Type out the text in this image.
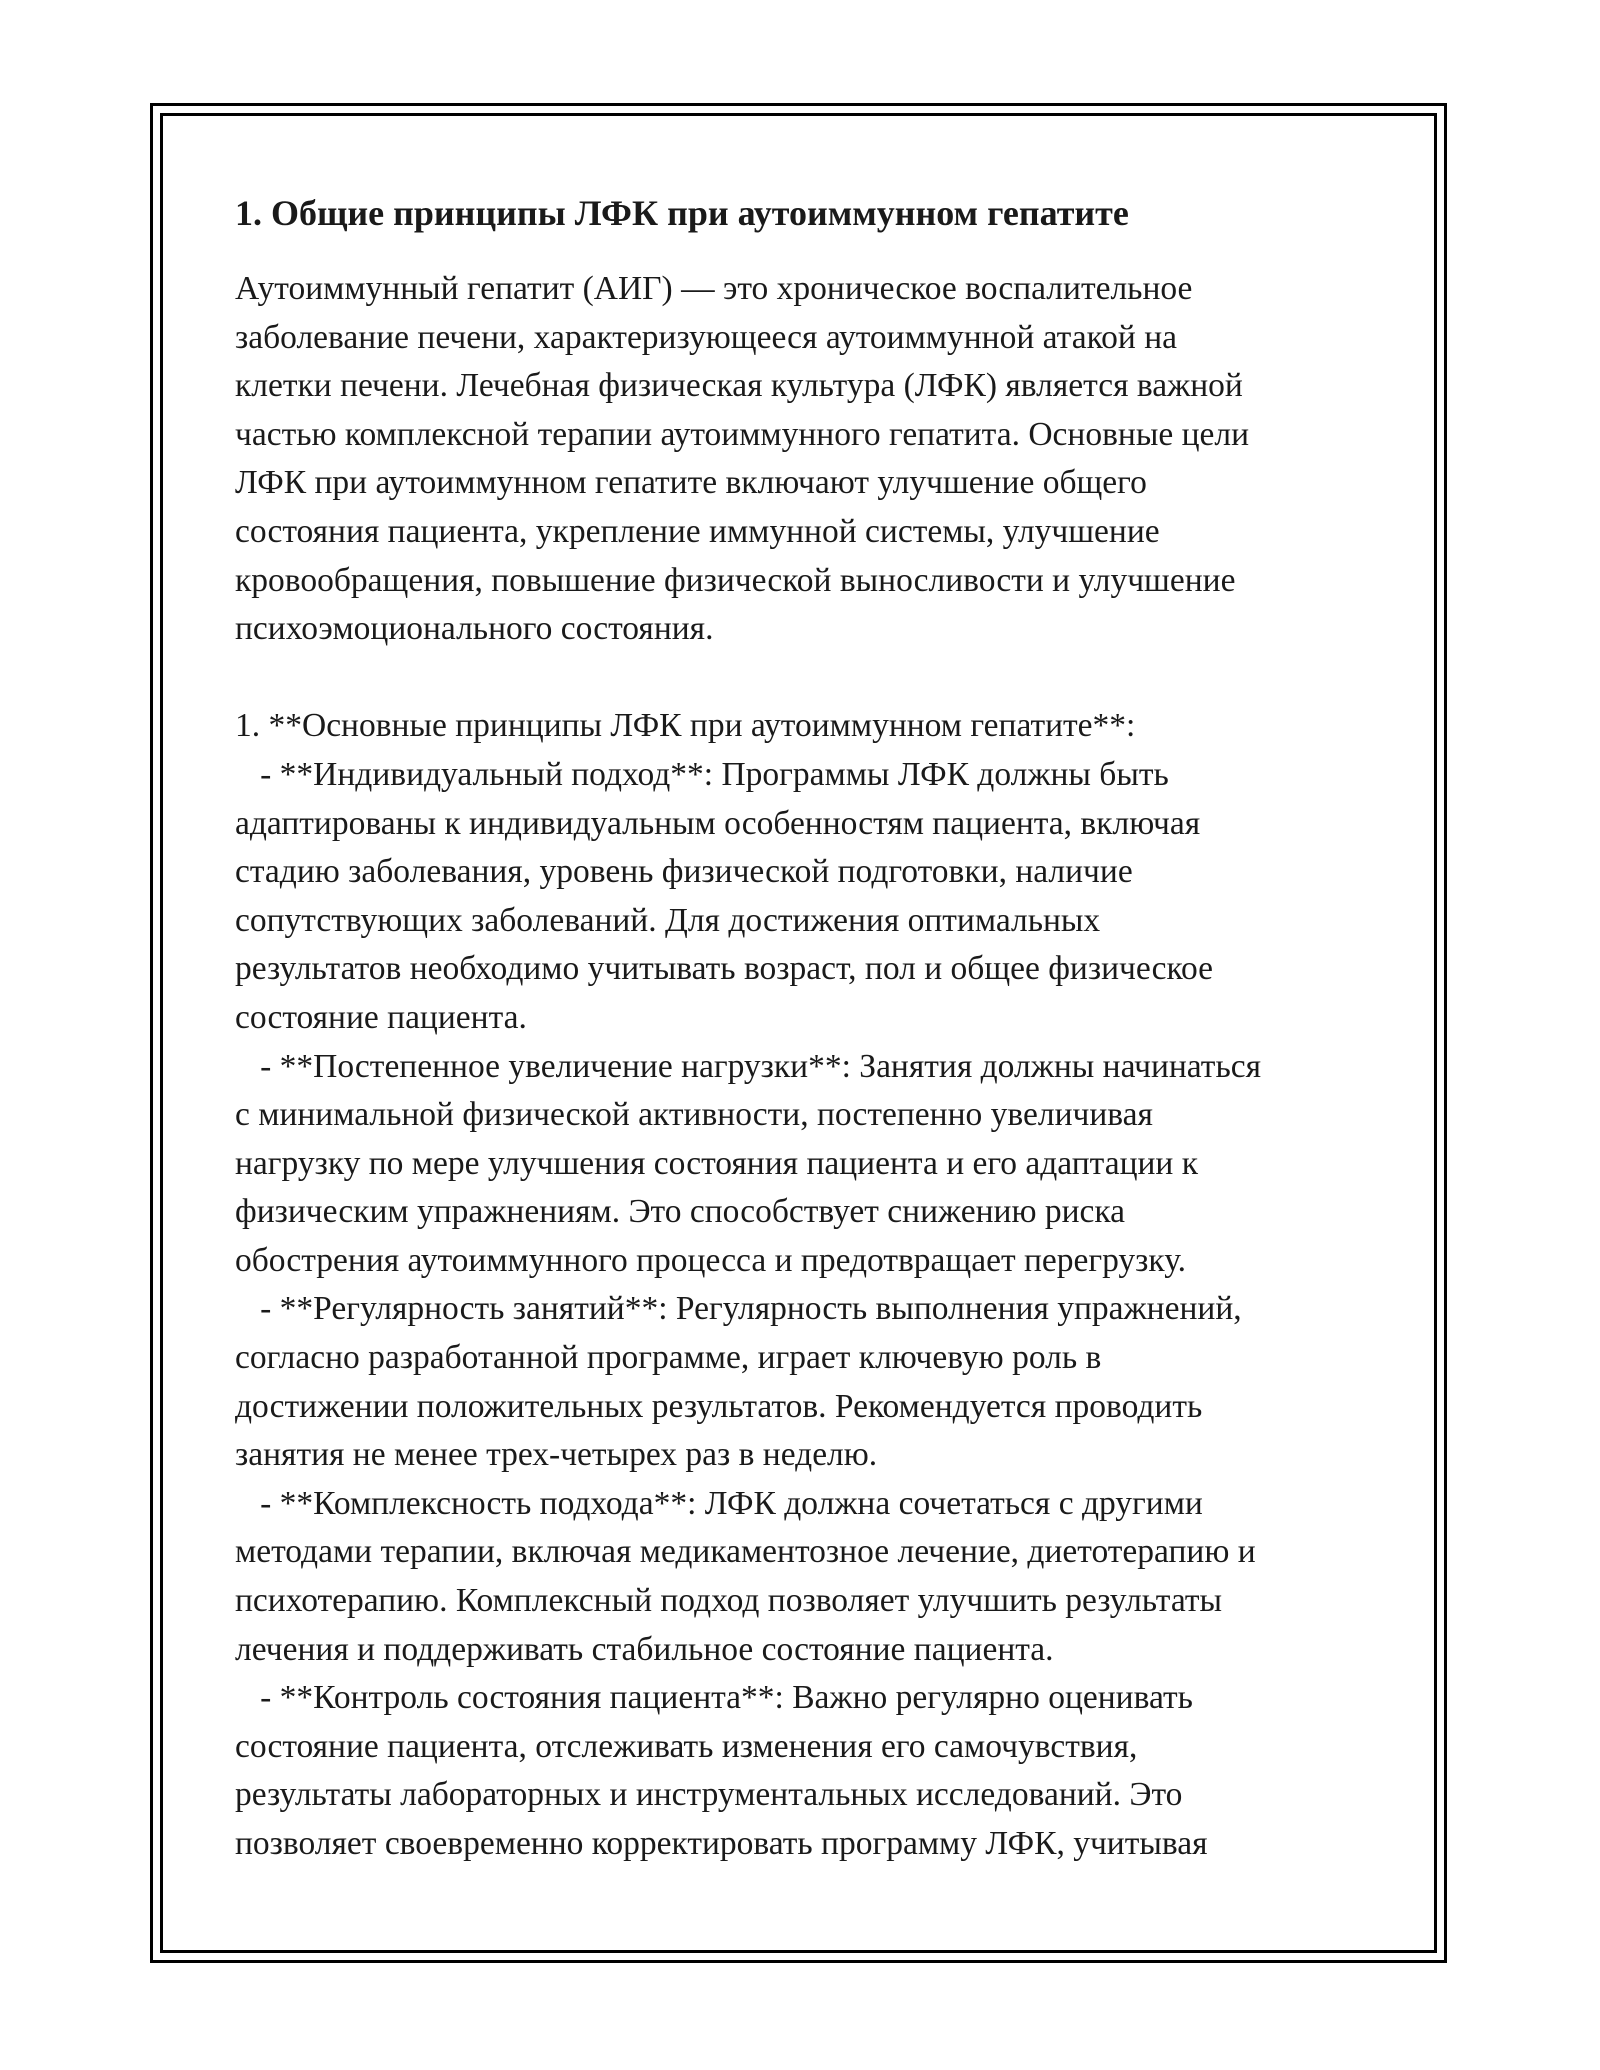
1. Общие принципы ЛФК при аутоиммунном гепатите
Аутоиммунный гепатит (АИГ) — это хроническое воспалительное
заболевание печени, характеризующееся аутоиммунной атакой на
клетки печени. Лечебная физическая культура (ЛФК) является важной
частью комплексной терапии аутоиммунного гепатита. Основные цели
ЛФК при аутоиммунном гепатите включают улучшение общего
состояния пациента, укрепление иммунной системы, улучшение
кровообращения, повышение физической выносливости и улучшение
психоэмоционального состояния.
1. **Основные принципы ЛФК при аутоиммунном гепатите**:
- **Индивидуальный подход**: Программы ЛФК должны быть
адаптированы к индивидуальным особенностям пациента, включая
стадию заболевания, уровень физической подготовки, наличие
сопутствующих заболеваний. Для достижения оптимальных
результатов необходимо учитывать возраст, пол и общее физическое
состояние пациента.
- **Постепенное увеличение нагрузки**: Занятия должны начинаться
с минимальной физической активности, постепенно увеличивая
нагрузку по мере улучшения состояния пациента и его адаптации к
физическим упражнениям. Это способствует снижению риска
обострения аутоиммунного процесса и предотвращает перегрузку.
- **Регулярность занятий**: Регулярность выполнения упражнений,
согласно разработанной программе, играет ключевую роль в
достижении положительных результатов. Рекомендуется проводить
занятия не менее трех-четырех раз в неделю.
- **Комплексность подхода**: ЛФК должна сочетаться с другими
методами терапии, включая медикаментозное лечение, диетотерапию и
психотерапию. Комплексный подход позволяет улучшить результаты
лечения и поддерживать стабильное состояние пациента.
- **Контроль состояния пациента**: Важно регулярно оценивать
состояние пациента, отслеживать изменения его самочувствия,
результаты лабораторных и инструментальных исследований. Это
позволяет своевременно корректировать программу ЛФК, учитывая
